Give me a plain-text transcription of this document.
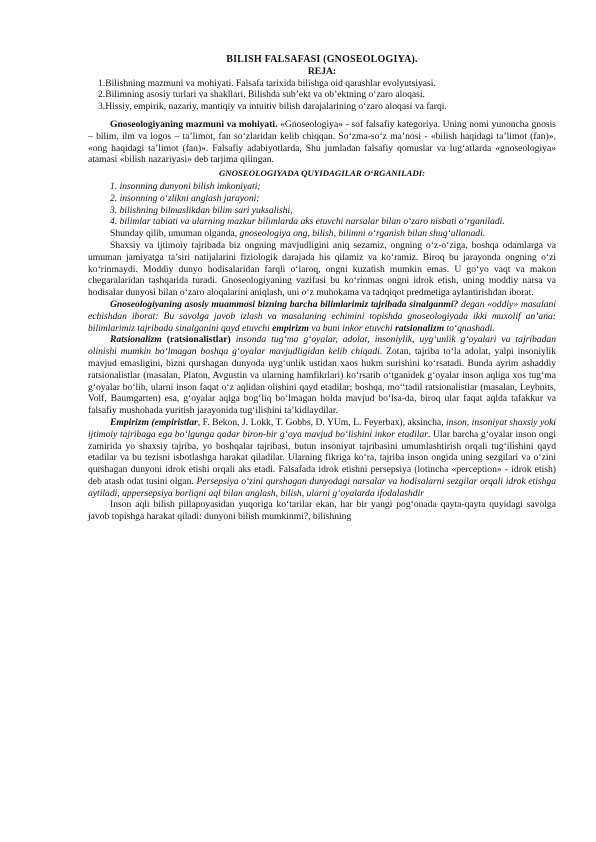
BILISH FALSAFASI (GNOSEOLOGIYA).
REJA:
1.Bilishning mazmuni va mohiyati. Falsafa tarixida bilishga oid qarashlar evolyutsiyasi.
2.Bilimning asosiy turlari va shakllari. Bilishda sub’ekt va ob’ektning o‘zaro aloqasi.
3.Hissiy, empirik, nazariy, mantiqiy va intuitiv bilish darajalarining o‘zaro aloqasi va farqi.

Gnoseologiyaning mazmuni va mohiyati. «Gnoseologiya» - sof falsafiy kategoriya. Uning nomi yunoncha gnosis – bilim, ilm va logos – ta’limot, fan so‘zlaridan kelib chiqqan. So‘zma-so‘z ma’nosi - «bilish haqidagi ta’limot (fan)», «ong haqidagi ta’limot (fan)». Falsafiy adabiyotlarda, Shu jumladan falsafiy qomuslar va lug‘atlarda «gnoseologiya» atamasi «bilish nazariyasi» deb tarjima qilingan.

GNOSEOLOGIYADA QUYIDAGILAR O‘RGANILADI:
1. insonning dunyoni bilish imkoniyati;
2. insonning o‘zlikni anglash jarayoni;
3. bilishning bilmaslikdan bilim sari yuksalishi,
4. bilimlar tabiati va ularning mazkur bilimlarda aks etuvchi narsalar bilan o‘zaro nisbati o‘rganiladi.

Shunday qilib, umuman olganda, gnoseologiya ong, bilish, bilimni o‘rganish bilan shug‘ullanadi.

Shaxsiy va ijtimoiy tajribada biz ongning mavjudligini aniq sezamiz, ongning o‘z-o‘ziga, boshqa odamlarga va umuman jamiyatga ta’siri natijalarini fiziologik darajada his qilamiz va ko‘ramiz. Biroq bu jarayonda ongning o‘zi ko‘rinmaydi. Moddiy dunyo hodisalaridan farqli o‘laroq, ongni kuzatish mumkin emas. U go‘yo vaqt va makon chegaralaridan tashqarida turadi. Gnoseologiyaning vazifasi bu ko‘rinmas ongni idrok etish, uning moddiy narsa va hodisalar dunyosi bilan o‘zaro aloqalarini aniqlash, uni o‘z muhokama va tadqiqot predmetiga aylantirishdan iborat.

Gnoseologiyaning asosiy muammosi bizning barcha bilimlarimiz tajribada sinalganmi? degan «oddiy» masalani echishdan iborat: Bu savolga javob izlash va masalaning echimini topishda gnoseologiyada ikki muxolif an’ana: bilimlarimiz tajribada sinalganini qayd etuvchi empirizm va buni inkor etuvchi ratsionalizm to‘qnashadi.

Ratsionalizm (ratsionalistlar) insonda tug‘ma g‘oyalar, adolat, insoniylik, uyg‘unlik g‘oyalari va tajribadan olinishi mumkin bo‘lmagan boshqa g‘oyalar mavjudligidan kelib chiqadi. Zotan, tajriba to‘la adolat, yalpi insoniylik mavjud emasligini, bizni qurshagan dunyoda uyg‘unlik ustidan xaos hukm surishini ko‘rsatadi. Bunda ayrim ashaddiy ratsionalistlar (masalan, Platon, Avgustin va ularning hamfikrlari) ko‘rsatib o‘tganidek g‘oyalar inson aqliga xos tug‘ma g‘oyalar bo‘lib, ularni inson faqat o‘z aqlidan olishini qayd etadilar; boshqa, mo‘‘tadil ratsionalistlar (masalan, Leybnits, Volf, Baumgarten) esa, g‘oyalar aqlga bog‘liq bo‘lmagan holda mavjud bo‘lsa-da, biroq ular faqat aqlda tafakkur va falsafiy mushohada yuritish jarayonida tug‘ilishini ta’kidlaydilar.

Empirizm (empiristlar, F. Bekon, J. Lokk, T. Gobbs, D. YUm, L. Feyerbax), aksincha, inson, insoniyat shaxsiy yoki ijtimoiy tajribaga ega bo‘lgunga qadar biron-bir g‘oya mavjud bo‘lishini inkor etadilar. Ular barcha g‘oyalar inson ongi zamirida yo shaxsiy tajriba, yo boshqalar tajribasi, butun insoniyat tajribasini umumlashtirish orqali tug‘ilishini qayd etadilar va bu tezisni isbotlashga harakat qiladilar. Ularning fikriga ko‘ra, tajriba inson ongida uning sezgilari va o‘zini qurshagan dunyoni idrok etishi orqali aks etadi. Falsafada idrok etishni persepsiya (lotincha «perception» - idrok etish) deb atash odat tusini olgan. Persepsiya o‘zini qurshagan dunyodagi narsalar va hodisalarni sezgilar orqali idrok etishga aytiladi, appersepsiya borliqni aql bilan anglash, bilish, ularni g‘oyalarda ifodalashdir

Inson aqli bilish pillapoyasidan yuqoriga ko‘tarilar ekan, har bir yangi pog‘onada qayta-qayta quyidagi savolga javob topishga harakat qiladi: dunyoni bilish mumkinmi?, bilishning
